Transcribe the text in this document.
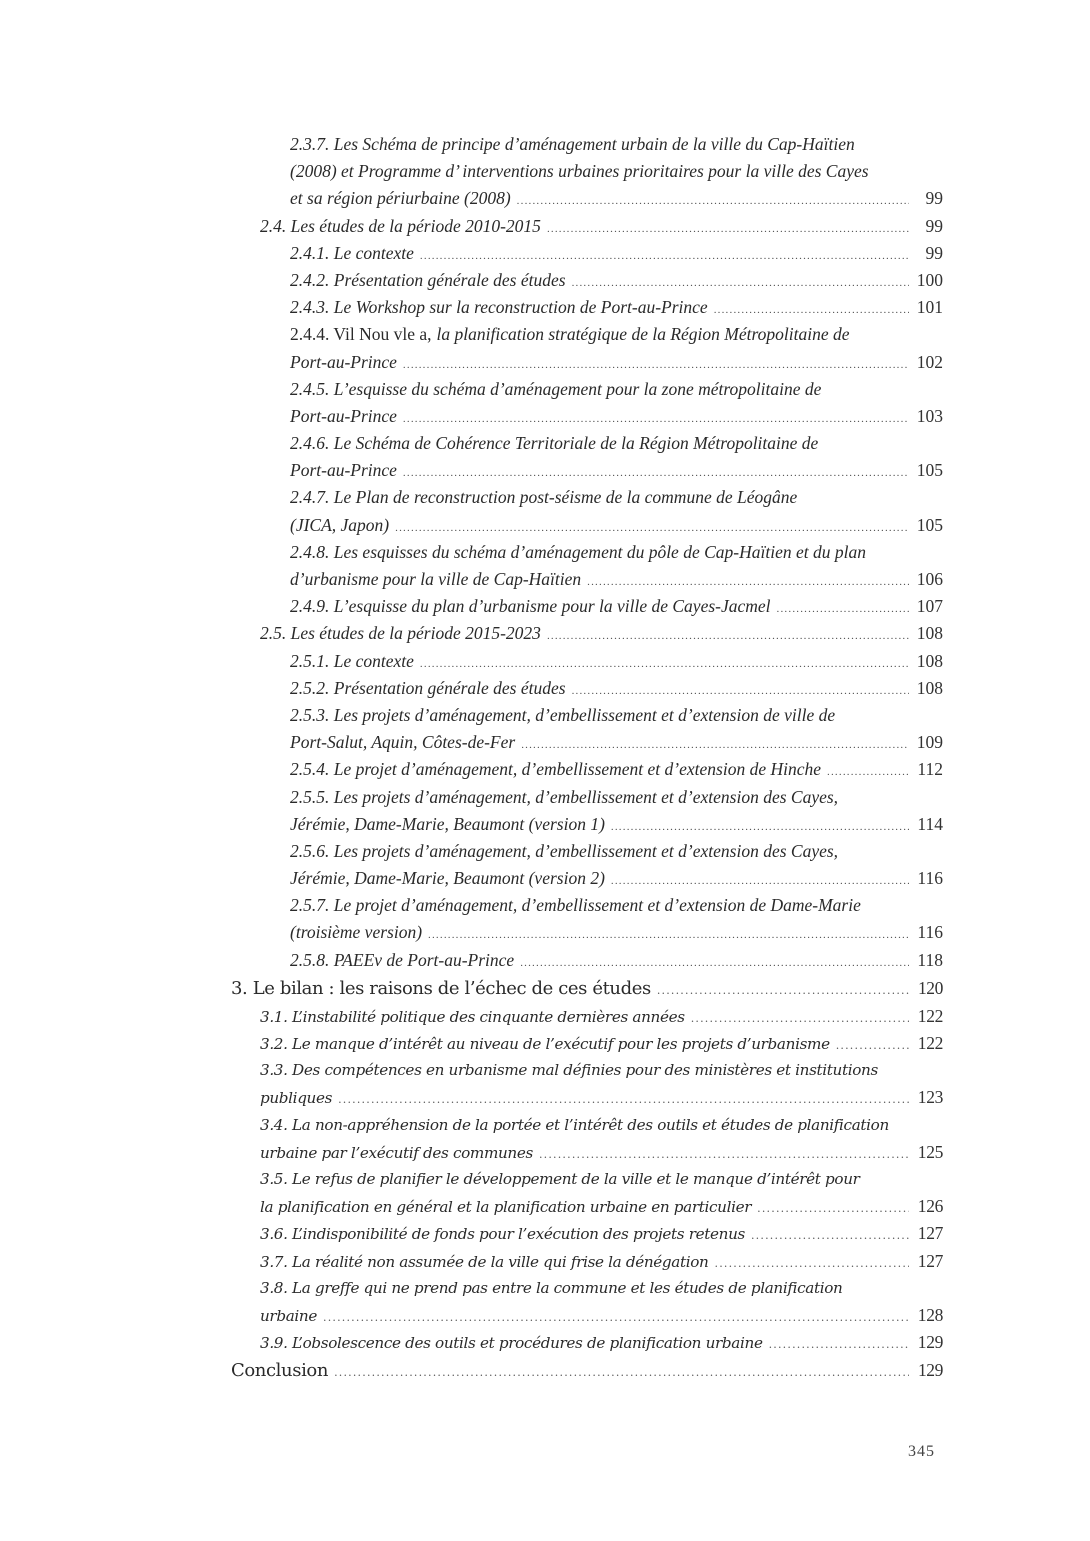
2.3.7. Les Schéma de principe d’aménagement urbain de la ville du Cap-Haïtien
(2008) et Programme d’ interventions urbaines prioritaires pour la ville des Cayes
et sa région périurbaine (2008) .....	99
2.4. Les études de la période 2010-2015 .....	99
2.4.1. Le contexte .....	99
2.4.2. Présentation générale des études .....	100
2.4.3. Le Workshop sur la reconstruction de Port-au-Prince .....	101
2.4.4. Vil Nou vle a, la planification stratégique de la Région Métropolitaine de
Port-au-Prince .....	102
2.4.5. L’esquisse du schéma d’aménagement pour la zone métropolitaine de
Port-au-Prince .....	103
2.4.6. Le Schéma de Cohérence Territoriale de la Région Métropolitaine de
Port-au-Prince .....	105
2.4.7. Le Plan de reconstruction post-séisme de la commune de Léogâne
(JICA, Japon) .....	105
2.4.8. Les esquisses du schéma d’aménagement du pôle de Cap-Haïtien et du plan
d’urbanisme pour la ville de Cap-Haïtien .....	106
2.4.9. L’esquisse du plan d’urbanisme pour la ville de Cayes-Jacmel .....	107
2.5. Les études de la période 2015-2023 .....	108
2.5.1. Le contexte .....	108
2.5.2. Présentation générale des études .....	108
2.5.3. Les projets d’aménagement, d’embellissement et d’extension de ville de
Port-Salut, Aquin, Côtes-de-Fer .....	109
2.5.4. Le projet d’aménagement, d’embellissement et d’extension de Hinche .....	112
2.5.5. Les projets d’aménagement, d’embellissement et d’extension des Cayes,
Jérémie, Dame-Marie, Beaumont (version 1) .....	114
2.5.6. Les projets d’aménagement, d’embellissement et d’extension des Cayes,
Jérémie, Dame-Marie, Beaumont (version 2) .....	116
2.5.7. Le projet d’aménagement, d’embellissement et d’extension de Dame-Marie
(troisième version) .....	116
2.5.8. PAEEv de Port-au-Prince .....	118
3. Le bilan : les raisons de l’échec de ces études .....	120
3.1. L’instabilité politique des cinquante dernières années .....	122
3.2. Le manque d’intérêt au niveau de l’exécutif pour les projets d’urbanisme .....	122
3.3. Des compétences en urbanisme mal définies pour des ministères et institutions
publiques .....	123
3.4. La non-appréhension de la portée et l’intérêt des outils et études de planification
urbaine par l’exécutif des communes .....	125
3.5. Le refus de planifier le développement de la ville et le manque d’intérêt pour
la planification en général et la planification urbaine en particulier .....	126
3.6. L’indisponibilité de fonds pour l’exécution des projets retenus .....	127
3.7. La réalité non assumée de la ville qui frise la dénégation .....	127
3.8. La greffe qui ne prend pas entre la commune et les études de planification
urbaine .....	128
3.9. L’obsolescence des outils et procédures de planification urbaine .....	129
Conclusion .....	129
345
